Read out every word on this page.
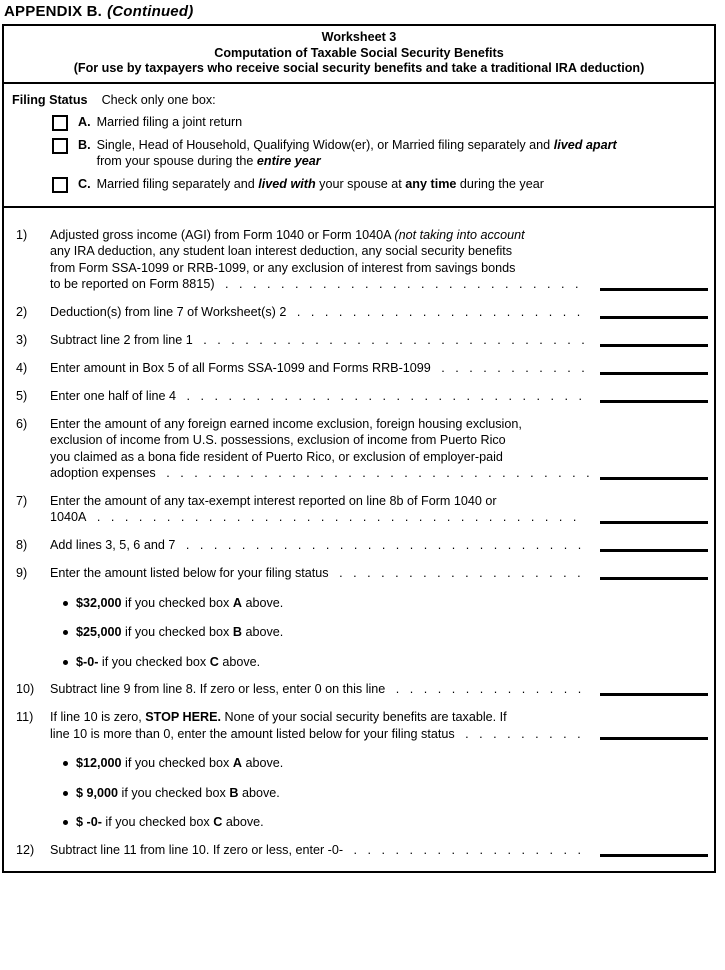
APPENDIX B. (Continued)
Worksheet 3
Computation of Taxable Social Security Benefits
(For use by taxpayers who receive social security benefits and take a traditional IRA deduction)
Filing Status Check only one box:
A. Married filing a joint return
B. Single, Head of Household, Qualifying Widow(er), or Married filing separately and lived apart
from your spouse during the entire year
C. Married filing separately and lived with your spouse at any time during the year
1)	Adjusted gross income (AGI) from Form 1040 or Form 1040A (not taking into account
any IRA deduction, any student loan interest deduction, any social security benefits
from Form SSA-1099 or RRB-1099, or any exclusion of interest from savings bonds
to be reported on Form 8815) . . . . . . . . . . . . . . . . . . . . . . . . . .
2)	Deduction(s) from line 7 of Worksheet(s) 2 . . . . . . . . . . . . . . . . . . . . .
3)	Subtract line 2 from line 1 . . . . . . . . . . . . . . . . . . . . . . . . . . . .
4)	Enter amount in Box 5 of all Forms SSA-1099 and Forms RRB-1099 . . . . . . . . . . .
5)	Enter one half of line 4 . . . . . . . . . . . . . . . . . . . . . . . . . . . . .
6)	Enter the amount of any foreign earned income exclusion, foreign housing exclusion,
exclusion of income from U.S. possessions, exclusion of income from Puerto Rico
you claimed as a bona fide resident of Puerto Rico, or exclusion of employer-paid
adoption expenses . . . . . . . . . . . . . . . . . . . . . . . . . . . . . . .
7)	Enter the amount of any tax-exempt interest reported on line 8b of Form 1040 or
1040A . . . . . . . . . . . . . . . . . . . . . . . . . . . . . . . . . . .
8)	Add lines 3, 5, 6 and 7 . . . . . . . . . . . . . . . . . . . . . . . . . . . . .
9)	Enter the amount listed below for your filing status . . . . . . . . . . . . . . . . . .
$32,000 if you checked box A above.
$25,000 if you checked box B above.
$-0- if you checked box C above.
10)	Subtract line 9 from line 8. If zero or less, enter 0 on this line . . . . . . . . . . . . . .
11)	If line 10 is zero, STOP HERE. None of your social security benefits are taxable. If
line 10 is more than 0, enter the amount listed below for your filing status . . . . . . . . .
$12,000 if you checked box A above.
$ 9,000 if you checked box B above.
$ -0- if you checked box C above.
12)	Subtract line 11 from line 10. If zero or less, enter -0- . . . . . . . . . . . . . . . . .
